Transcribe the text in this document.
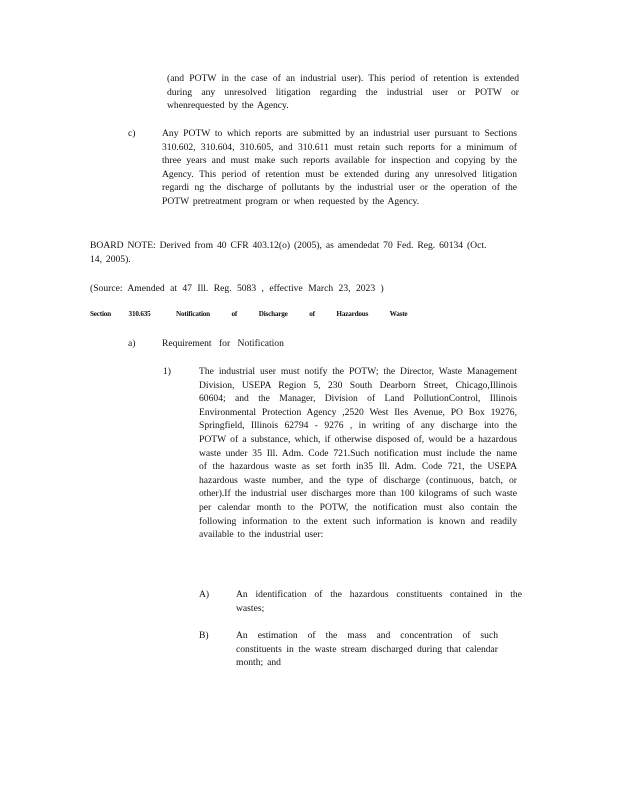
(and POTW in the case of an industrial user). This period of retention is extended during any unresolved litigation regarding the industrial user or POTW or whenrequested by the Agency.

c)	Any POTW to which reports are submitted by an industrial user pursuant to Sections 310.602, 310.604, 310.605, and 310.611 must retain such reports for a minimum of three years and must make such reports available for inspection and copying by the Agency. This period of retention must be extended during any unresolved litigation regardi ng the discharge of pollutants by the industrial user or the operation of the POTW pretreatment program or when requested by the Agency.

BOARD NOTE: Derived from 40 CFR 403.12(o) (2005), as amendedat 70 Fed. Reg. 60134 (Oct. 14, 2005).

(Source: Amended at 47 Ill. Reg. 5083 , effective March 23, 2023 )

Section 310.635	Notification of Discharge of Hazardous Waste
a)	Requirement for Notification
1)	The industrial user must notify the POTW; the Director, Waste Management Division, USEPA Region 5, 230 South Dearborn Street, Chicago,Illinois 60604; and the Manager, Division of Land PollutionControl, Illinois Environmental Protection Agency ,2520 West Iles Avenue, PO Box 19276, Springfield, Illinois 62794 - 9276 , in writing of any discharge into the POTW of a substance, which, if otherwise disposed of, would be a hazardous waste under 35 Ill. Adm. Code 721.Such notification must include the name of the hazardous waste as set forth in35 Ill. Adm. Code 721, the USEPA hazardous waste number, and the type of discharge (continuous, batch, or other).If the industrial user discharges more than 100 kilograms of such waste per calendar month to the POTW, the notification must also contain the following information to the extent such information is known and readily available to the industrial user:

A)	An identification of the hazardous constituents contained in the wastes;

B)	An estimation of the mass and concentration of such constituents in the waste stream discharged during that calendar month; and
